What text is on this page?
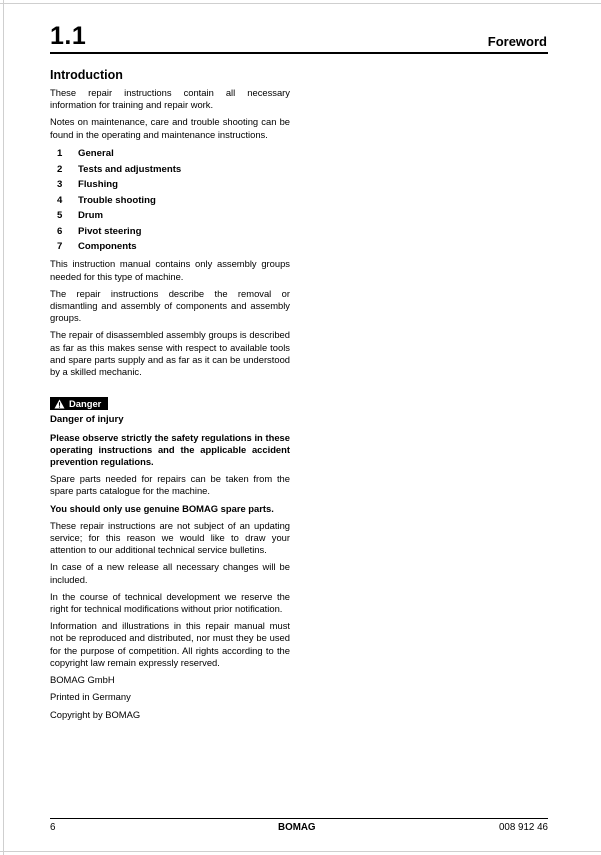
1.1	Foreword
Introduction

These repair instructions contain all necessary information for training and repair work.

Notes on maintenance, care and trouble shooting can be found in the operating and maintenance instructions.

1	General
2	Tests and adjustments
3	Flushing
4	Trouble shooting
5	Drum
6	Pivot steering
7	Components

This instruction manual contains only assembly groups needed for this type of machine.

The repair instructions describe the removal or dismantling and assembly of components and assembly groups.

The repair of disassembled assembly groups is described as far as this makes sense with respect to available tools and spare parts supply and as far as it can be understood by a skilled mechanic.

Danger
Danger of injury

Please observe strictly the safety regulations in these operating instructions and the applicable accident prevention regulations.

Spare parts needed for repairs can be taken from the spare parts catalogue for the machine.

You should only use genuine BOMAG spare parts.

These repair instructions are not subject of an updating service; for this reason we would like to draw your attention to our additional technical service bulletins.

In case of a new release all necessary changes will be included.

In the course of technical development we reserve the right for technical modifications without prior notification.

Information and illustrations in this repair manual must not be reproduced and distributed, nor must they be used for the purpose of competition. All rights according to the copyright law remain expressly reserved.

BOMAG GmbH

Printed in Germany

Copyright by BOMAG

6	BOMAG	008 912 46
